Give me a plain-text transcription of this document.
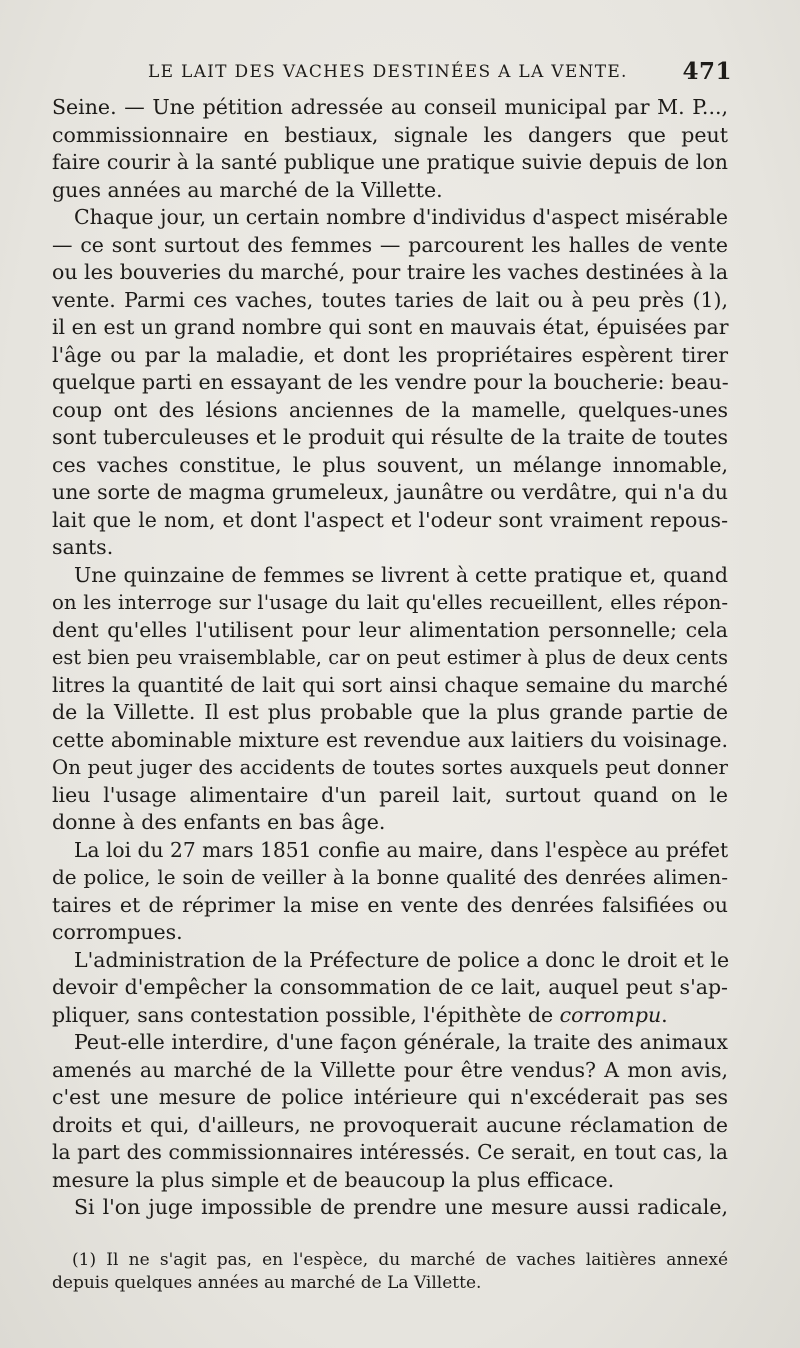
LE LAIT DES VACHES DESTINÉES A LA VENTE. 471
Seine. — Une pétition adressée au conseil municipal par M. P...,
commissionnaire en bestiaux, signale les dangers que peut
faire courir à la santé publique une pratique suivie depuis de lon
gues années au marché de la Villette.
Chaque jour, un certain nombre d'individus d'aspect misérable
— ce sont surtout des femmes — parcourent les halles de vente
ou les bouveries du marché, pour traire les vaches destinées à la
vente. Parmi ces vaches, toutes taries de lait ou à peu près (1),
il en est un grand nombre qui sont en mauvais état, épuisées par
l'âge ou par la maladie, et dont les propriétaires espèrent tirer
quelque parti en essayant de les vendre pour la boucherie: beau-
coup ont des lésions anciennes de la mamelle, quelques-unes
sont tuberculeuses et le produit qui résulte de la traite de toutes
ces vaches constitue, le plus souvent, un mélange innomable,
une sorte de magma grumeleux, jaunâtre ou verdâtre, qui n'a du
lait que le nom, et dont l'aspect et l'odeur sont vraiment repous-
sants.
Une quinzaine de femmes se livrent à cette pratique et, quand
on les interroge sur l'usage du lait qu'elles recueillent, elles répon-
dent qu'elles l'utilisent pour leur alimentation personnelle; cela
est bien peu vraisemblable, car on peut estimer à plus de deux cents
litres la quantité de lait qui sort ainsi chaque semaine du marché
de la Villette. Il est plus probable que la plus grande partie de
cette abominable mixture est revendue aux laitiers du voisinage.
On peut juger des accidents de toutes sortes auxquels peut donner
lieu l'usage alimentaire d'un pareil lait, surtout quand on le
donne à des enfants en bas âge.
La loi du 27 mars 1851 confie au maire, dans l'espèce au préfet
de police, le soin de veiller à la bonne qualité des denrées alimen-
taires et de réprimer la mise en vente des denrées falsifiées ou
corrompues.
L'administration de la Préfecture de police a donc le droit et le
devoir d'empêcher la consommation de ce lait, auquel peut s'ap-
pliquer, sans contestation possible, l'épithète de corrompu.
Peut-elle interdire, d'une façon générale, la traite des animaux
amenés au marché de la Villette pour être vendus? A mon avis,
c'est une mesure de police intérieure qui n'excéderait pas ses
droits et qui, d'ailleurs, ne provoquerait aucune réclamation de
la part des commissionnaires intéressés. Ce serait, en tout cas, la
mesure la plus simple et de beaucoup la plus efficace.
Si l'on juge impossible de prendre une mesure aussi radicale,
(1) Il ne s'agit pas, en l'espèce, du marché de vaches laitières annexé
depuis quelques années au marché de La Villette.
